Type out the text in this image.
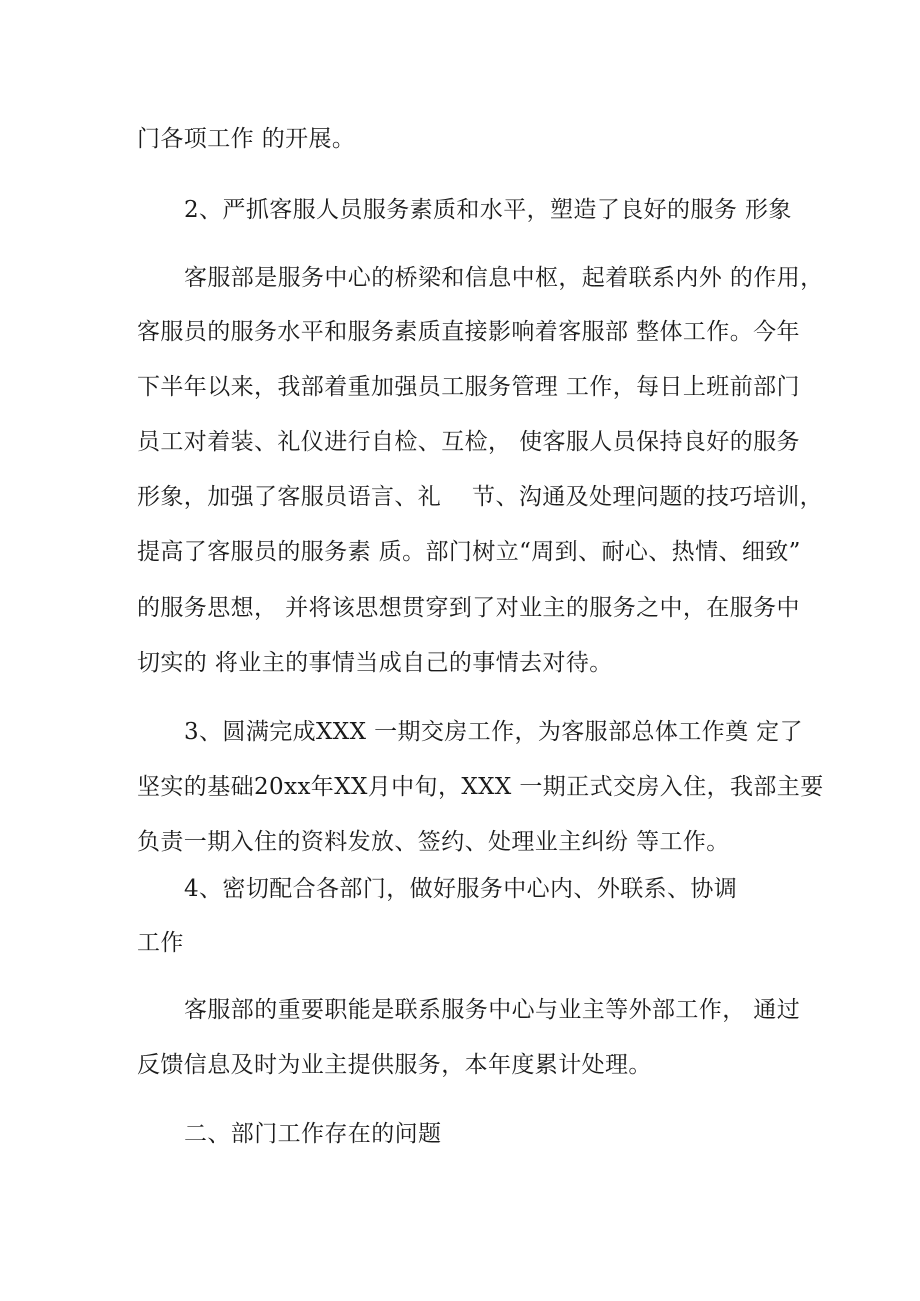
门各项工作 的开展。
2、严抓客服人员服务素质和水平，塑造了良好的服务 形象
客服部是服务中心的桥梁和信息中枢，起着联系内外 的作用，
客服员的服务水平和服务素质直接影响着客服部 整体工作。今年
下半年以来，我部着重加强员工服务管理 工作，每日上班前部门
员工对着装、礼仪进行自检、互检， 使客服人员保持良好的服务
形象，加强了客服员语言、礼    节、沟通及处理问题的技巧培训，
提高了客服员的服务素 质。部门树立“周到、耐心、热情、细致”
的服务思想， 并将该思想贯穿到了对业主的服务之中，在服务中
切实的 将业主的事情当成自己的事情去对待。
3、圆满完成XXX 一期交房工作，为客服部总体工作奠 定了
坚实的基础20xx年XX月中旬，XXX 一期正式交房入住，我部主要
负责一期入住的资料发放、签约、处理业主纠纷 等工作。
4、密切配合各部门，做好服务中心内、外联系、协调
工作
客服部的重要职能是联系服务中心与业主等外部工作， 通过
反馈信息及时为业主提供服务，本年度累计处理。
二、部门工作存在的问题
